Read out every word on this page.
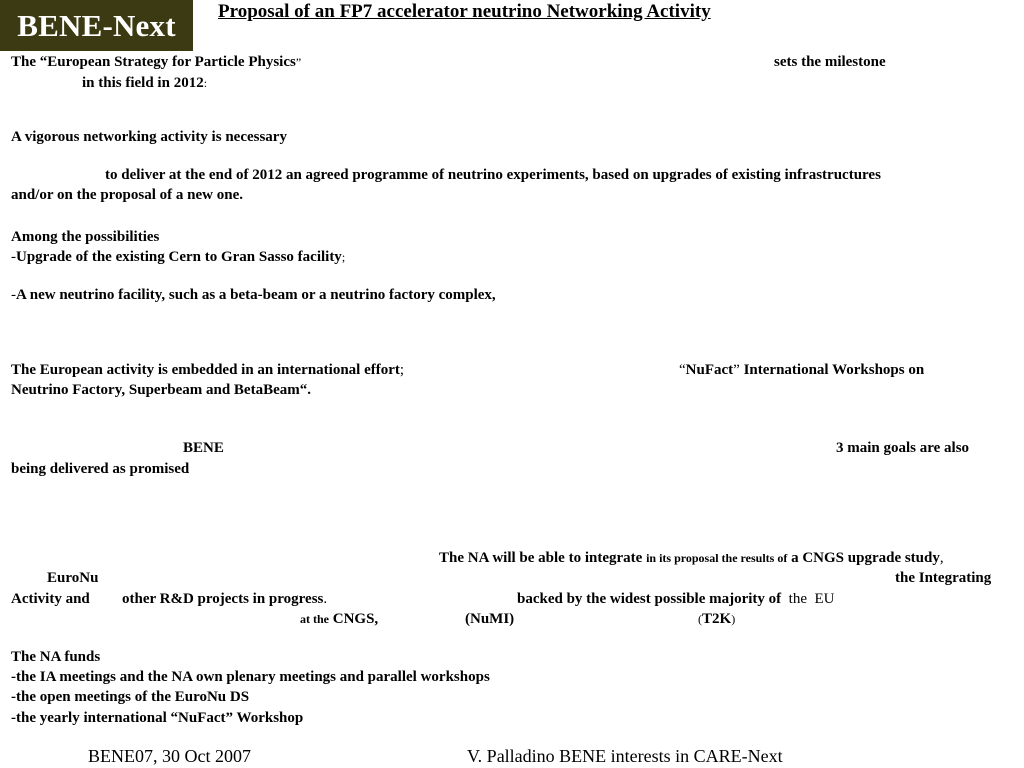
BENE-Next	Proposal of an FP7 accelerator neutrino Networking Activity
The “European Strategy for Particle Physics”	sets the milestone
in this field in 2012:
A vigorous networking activity is necessary
to deliver at the end of 2012 an agreed programme of neutrino experiments, based on upgrades of existing infrastructures
and/or on the proposal of a new one.
Among the possibilities
-Upgrade of the existing Cern to Gran Sasso facility;
-A new neutrino facility, such as a beta-beam or a neutrino factory complex,
The European activity is embedded in an international effort;	“NuFact” International Workshops on
Neutrino Factory, Superbeam and BetaBeam“.
BENE	3 main goals are also
being delivered as promised
The NA will be able to integrate in its proposal the results of a CNGS upgrade study,
EuroNu	the Integrating
Activity and other R&D projects in progress.	backed by the widest possible majority of the EU
at the CNGS,	(NuMI)	(T2K)
The NA funds
-the IA meetings and the NA own plenary meetings and parallel workshops
-the open meetings of the EuroNu DS
-the yearly international “NuFact” Workshop
BENE07, 30 Oct 2007	V. Palladino BENE interests in CARE-Next
